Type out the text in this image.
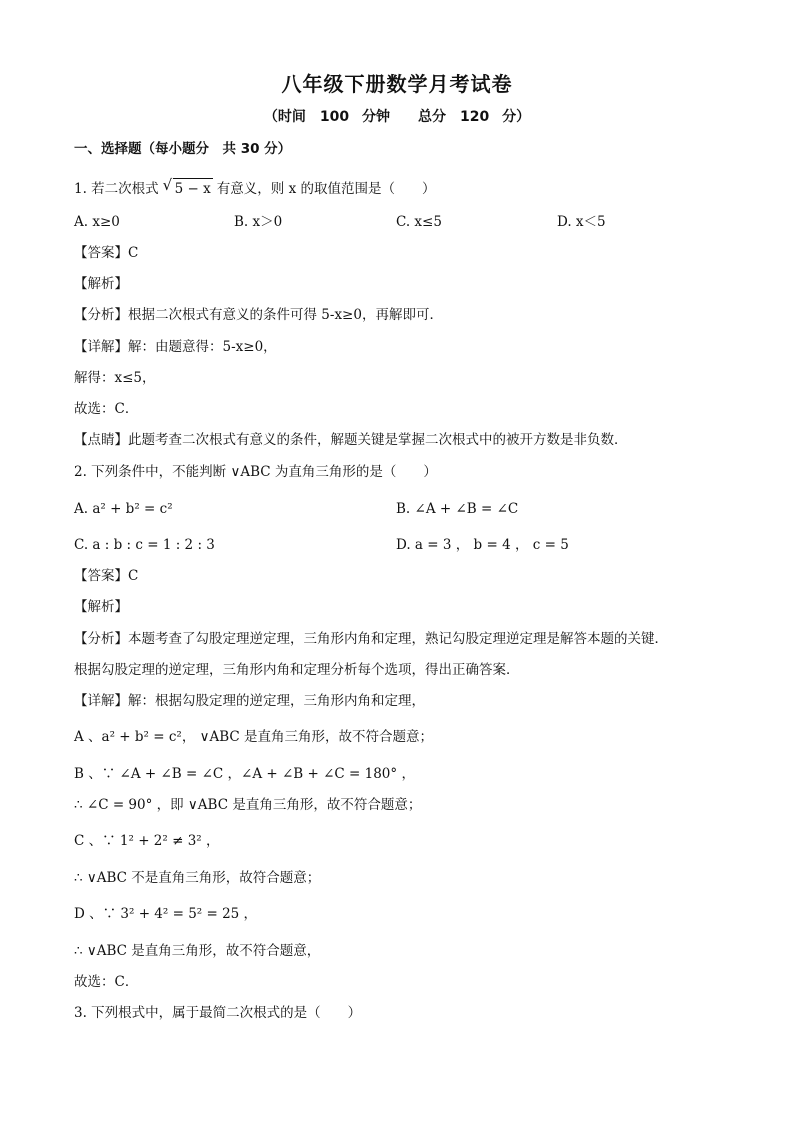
八年级下册数学月考试卷
（时间　100 分钟　　总分　120 分）
一、选择题（每小题分　共 30 分）
1. 若二次根式 √ 5 − x 有意义，则 x 的取值范围是（　　）
A. x≥0	B. x＞0	C. x≤5	D. x＜5
【答案】C
【解析】
【分析】根据二次根式有意义的条件可得 5-x≥0，再解即可．
【详解】解：由题意得：5-x≥0，
解得：x≤5，
故选：C．
【点睛】此题考查二次根式有意义的条件，解题关键是掌握二次根式中的被开方数是非负数．
2. 下列条件中，不能判断 ∨ABC 为直角三角形的是（　　）
A. a² + b² = c²	B. ∠A + ∠B = ∠C
C. a : b : c = 1 : 2 : 3	D. a = 3 ， b = 4 ， c = 5
【答案】C
【解析】
【分析】本题考查了勾股定理逆定理，三角形内角和定理，熟记勾股定理逆定理是解答本题的关键．
根据勾股定理的逆定理，三角形内角和定理分析每个选项，得出正确答案．
【详解】解：根据勾股定理的逆定理，三角形内角和定理，
A 、a² + b² = c²， ∨ABC 是直角三角形，故不符合题意；
B 、∵ ∠A + ∠B = ∠C ，∠A + ∠B + ∠C = 180° ，
∴ ∠C = 90° ，即 ∨ABC 是直角三角形，故不符合题意；
C 、∵ 1² + 2² ≠ 3² ，
∴ ∨ABC 不是直角三角形，故符合题意；
D 、∵ 3² + 4² = 5² = 25 ，
∴ ∨ABC 是直角三角形，故不符合题意，
故选：C．
3. 下列根式中，属于最简二次根式的是（　　）
